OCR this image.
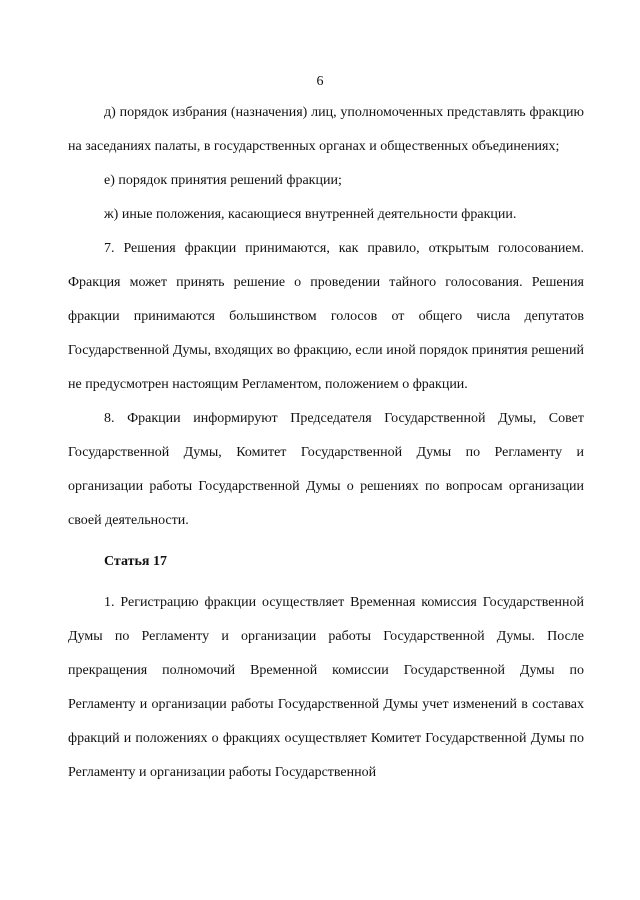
6

д) порядок избрания (назначения) лиц, уполномоченных представлять фракцию на заседаниях палаты, в государственных органах и общественных объединениях;

е) порядок принятия решений фракции;

ж) иные положения, касающиеся внутренней деятельности фракции.

7. Решения фракции принимаются, как правило, открытым голосованием. Фракция может принять решение о проведении тайного голосования. Решения фракции принимаются большинством голосов от общего числа депутатов Государственной Думы, входящих во фракцию, если иной порядок принятия решений не предусмотрен настоящим Регламентом, положением о фракции.

8. Фракции информируют Председателя Государственной Думы, Совет Государственной Думы, Комитет Государственной Думы по Регламенту и организации работы Государственной Думы о решениях по вопросам организации своей деятельности.

Статья 17

1. Регистрацию фракции осуществляет Временная комиссия Государственной Думы по Регламенту и организации работы Государственной Думы. После прекращения полномочий Временной комиссии Государственной Думы по Регламенту и организации работы Государственной Думы учет изменений в составах фракций и положениях о фракциях осуществляет Комитет Государственной Думы по Регламенту и организации работы Государственной
